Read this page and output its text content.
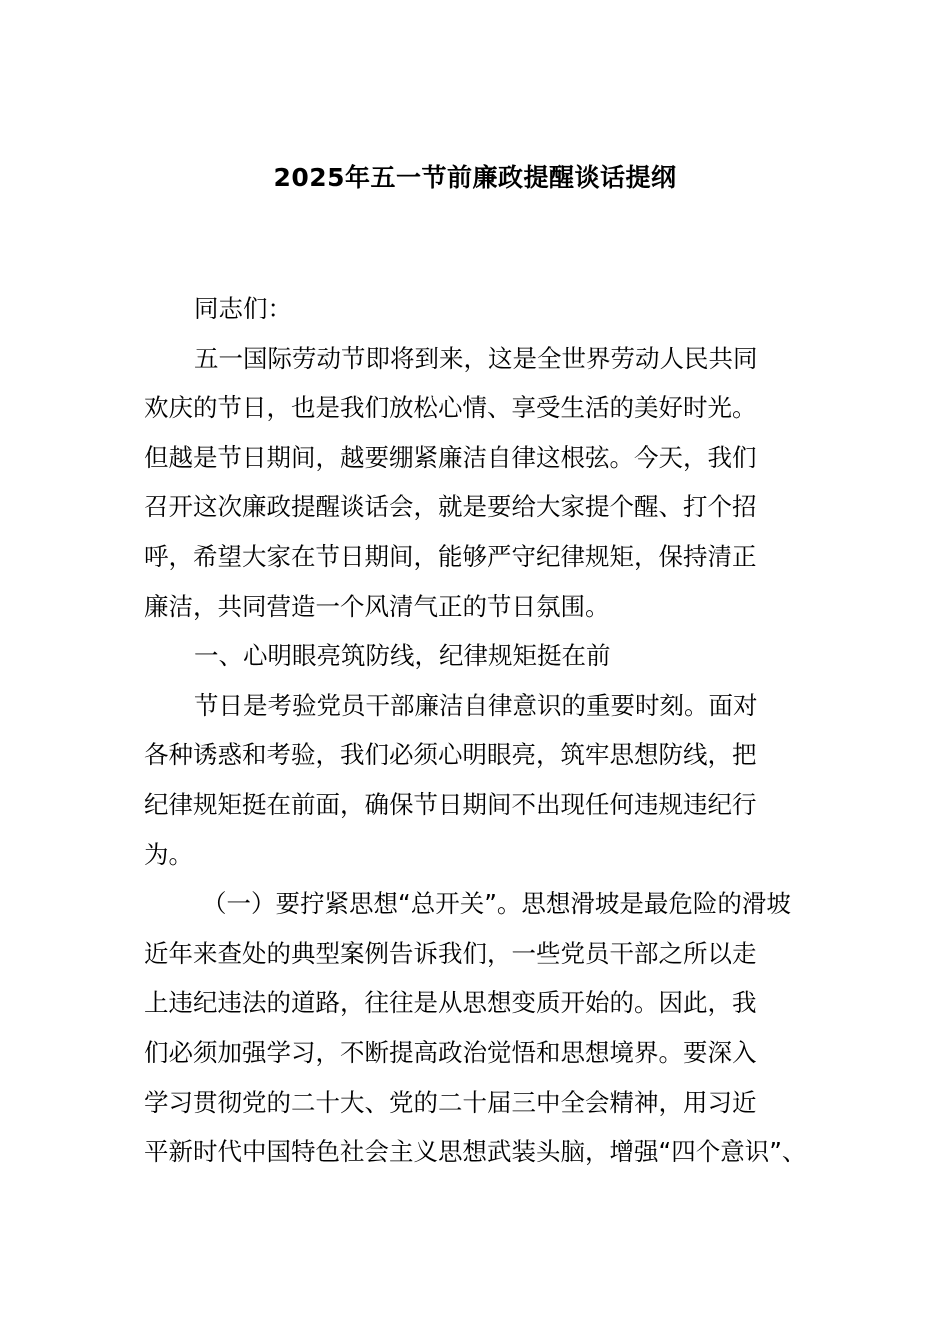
2025年五一节前廉政提醒谈话提纲
同志们：
五一国际劳动节即将到来，这是全世界劳动人民共同
欢庆的节日，也是我们放松心情、享受生活的美好时光。
但越是节日期间，越要绷紧廉洁自律这根弦。今天，我们
召开这次廉政提醒谈话会，就是要给大家提个醒、打个招
呼，希望大家在节日期间，能够严守纪律规矩，保持清正
廉洁，共同营造一个风清气正的节日氛围。
一、心明眼亮筑防线，纪律规矩挺在前
节日是考验党员干部廉洁自律意识的重要时刻。面对
各种诱惑和考验，我们必须心明眼亮，筑牢思想防线，把
纪律规矩挺在前面，确保节日期间不出现任何违规违纪行
为。
（一）要拧紧思想“总开关”。思想滑坡是最危险的滑坡
近年来查处的典型案例告诉我们，一些党员干部之所以走
上违纪违法的道路，往往是从思想变质开始的。因此，我
们必须加强学习，不断提高政治觉悟和思想境界。要深入
学习贯彻党的二十大、党的二十届三中全会精神，用习近
平新时代中国特色社会主义思想武装头脑，增强“四个意识”、
